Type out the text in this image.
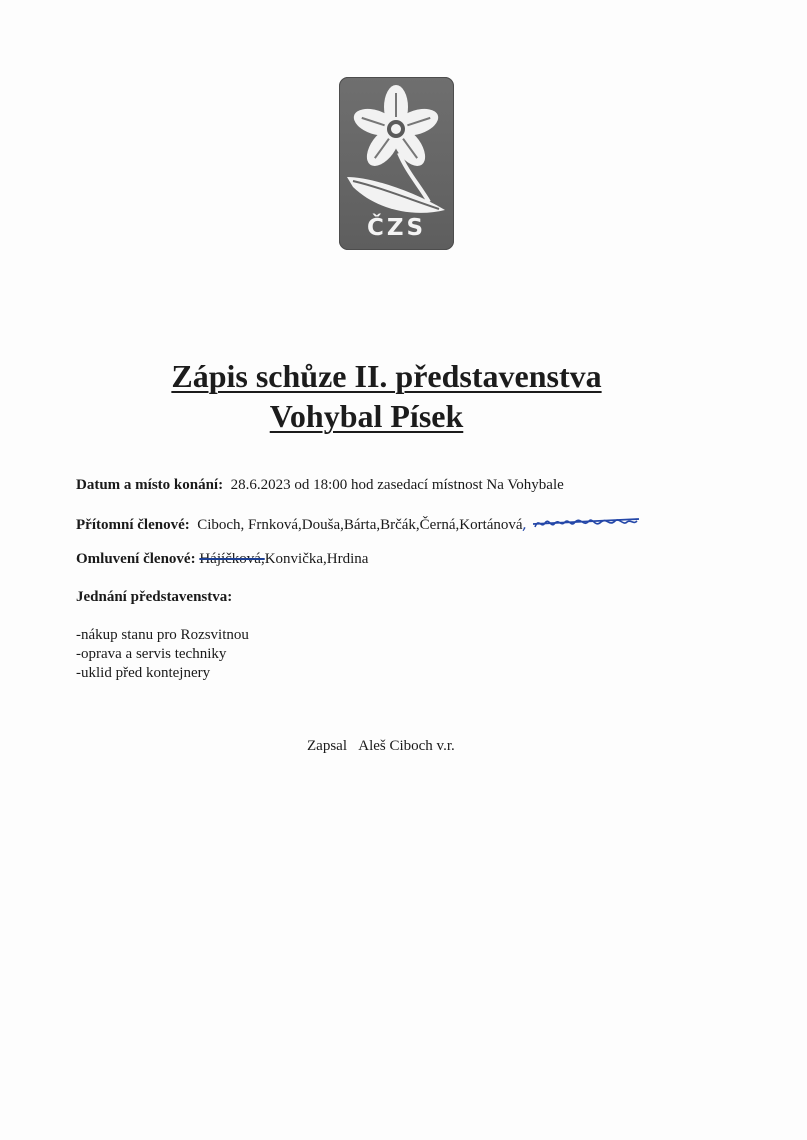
ČZS
Zápis schůze II. představenstva
Vohybal Písek
Datum a místo konání: 28.6.2023 od 18:00 hod zasedací místnost Na Vohybale
Přítomní členové: Ciboch, Frnková,Douša,Bárta,Brčák,Černá,Kortánová,
Omluvení členové: Hájíčková,Konvička,Hrdina
Jednání představenstva:
-nákup stanu pro Rozsvitnou
-oprava a servis techniky
-uklid před kontejnery
Zapsal Aleš Ciboch v.r.
